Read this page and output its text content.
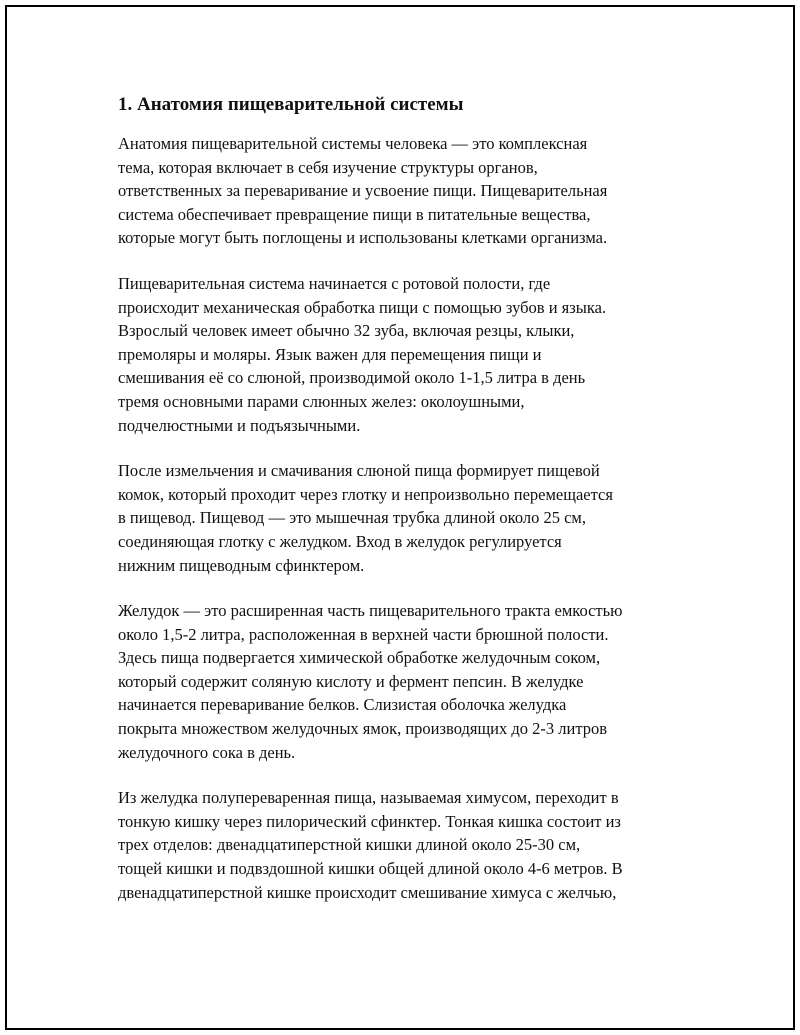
1. Анатомия пищеварительной системы
Анатомия пищеварительной системы человека — это комплексная
тема, которая включает в себя изучение структуры органов,
ответственных за переваривание и усвоение пищи. Пищеварительная
система обеспечивает превращение пищи в питательные вещества,
которые могут быть поглощены и использованы клетками организма.
Пищеварительная система начинается с ротовой полости, где
происходит механическая обработка пищи с помощью зубов и языка.
Взрослый человек имеет обычно 32 зуба, включая резцы, клыки,
премоляры и моляры. Язык важен для перемещения пищи и
смешивания её со слюной, производимой около 1-1,5 литра в день
тремя основными парами слюнных желез: околоушными,
подчелюстными и подъязычными.
После измельчения и смачивания слюной пища формирует пищевой
комок, который проходит через глотку и непроизвольно перемещается
в пищевод. Пищевод — это мышечная трубка длиной около 25 см,
соединяющая глотку с желудком. Вход в желудок регулируется
нижним пищеводным сфинктером.
Желудок — это расширенная часть пищеварительного тракта емкостью
около 1,5-2 литра, расположенная в верхней части брюшной полости.
Здесь пища подвергается химической обработке желудочным соком,
который содержит соляную кислоту и фермент пепсин. В желудке
начинается переваривание белков. Слизистая оболочка желудка
покрыта множеством желудочных ямок, производящих до 2-3 литров
желудочного сока в день.
Из желудка полупереваренная пища, называемая химусом, переходит в
тонкую кишку через пилорический сфинктер. Тонкая кишка состоит из
трех отделов: двенадцатиперстной кишки длиной около 25-30 см,
тощей кишки и подвздошной кишки общей длиной около 4-6 метров. В
двенадцатиперстной кишке происходит смешивание химуса с желчью,
